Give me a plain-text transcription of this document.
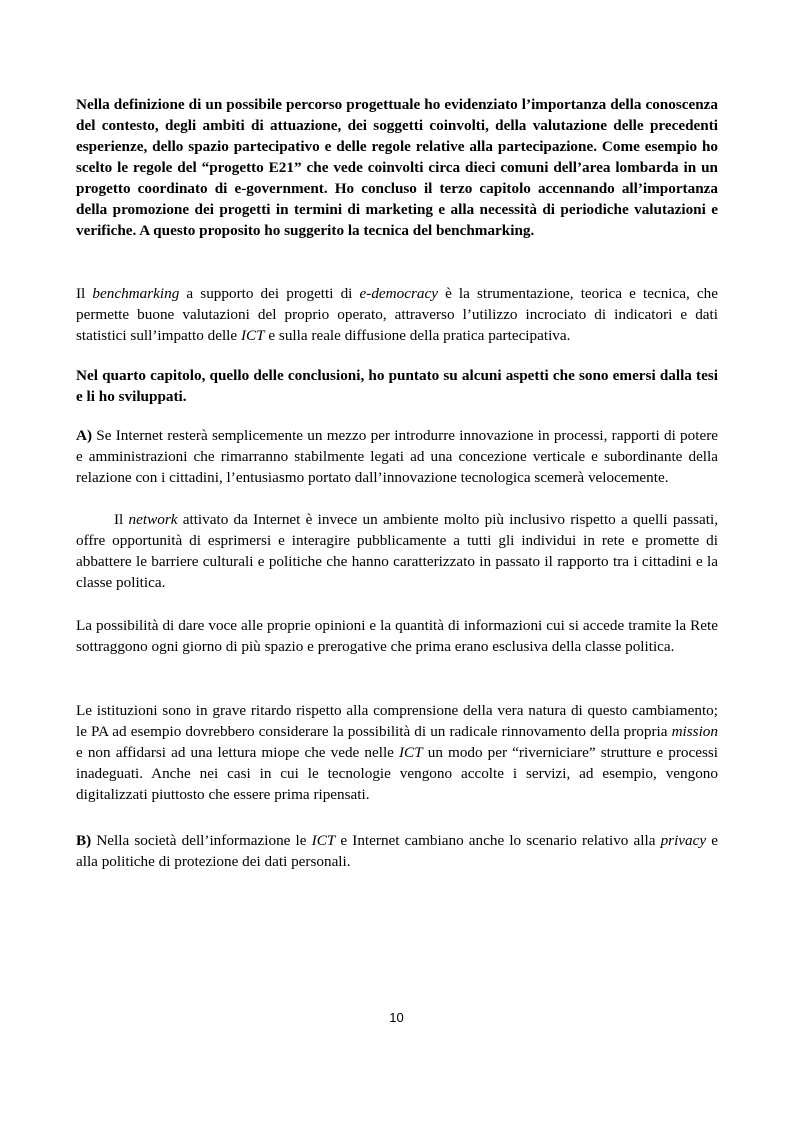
Nella definizione di un possibile percorso progettuale ho evidenziato l’importanza della conoscenza del contesto, degli ambiti di attuazione, dei soggetti coinvolti, della valutazione delle precedenti esperienze, dello spazio partecipativo e delle regole relative alla partecipazione. Come esempio ho scelto le regole del “progetto E21” che vede coinvolti circa dieci comuni dell’area lombarda in un progetto coordinato di e-government. Ho concluso il terzo capitolo accennando all’importanza della promozione dei progetti in termini di marketing e alla necessità di periodiche valutazioni e verifiche. A questo proposito ho suggerito la tecnica del benchmarking.

Il benchmarking a supporto dei progetti di e-democracy è la strumentazione, teorica e tecnica, che permette buone valutazioni del proprio operato, attraverso l’utilizzo incrociato di indicatori e dati statistici sull’impatto delle ICT e sulla reale diffusione della pratica partecipativa.

Nel quarto capitolo, quello delle conclusioni, ho puntato su alcuni aspetti che sono emersi dalla tesi e li ho sviluppati.

A) Se Internet resterà semplicemente un mezzo per introdurre innovazione in processi, rapporti di potere e amministrazioni che rimarranno stabilmente legati ad una concezione verticale e subordinante della relazione con i cittadini, l’entusiasmo portato dall’innovazione tecnologica scemerà velocemente.

Il network attivato da Internet è invece un ambiente molto più inclusivo rispetto a quelli passati, offre opportunità di esprimersi e interagire pubblicamente a tutti gli individui in rete e promette di abbattere le barriere culturali e politiche che hanno caratterizzato in passato il rapporto tra i cittadini e la classe politica.

La possibilità di dare voce alle proprie opinioni e la quantità di informazioni cui si accede tramite la Rete sottraggono ogni giorno di più spazio e prerogative che prima erano esclusiva della classe politica.

Le istituzioni sono in grave ritardo rispetto alla comprensione della vera natura di questo cambiamento; le PA ad esempio dovrebbero considerare la possibilità di un radicale rinnovamento della propria mission e non affidarsi ad una lettura miope che vede nelle ICT un modo per “riverniciare” strutture e processi inadeguati. Anche nei casi in cui le tecnologie vengono accolte i servizi, ad esempio, vengono digitalizzati piuttosto che essere prima ripensati.

B) Nella società dell’informazione le ICT e Internet cambiano anche lo scenario relativo alla privacy e alla politiche di protezione dei dati personali.

10
